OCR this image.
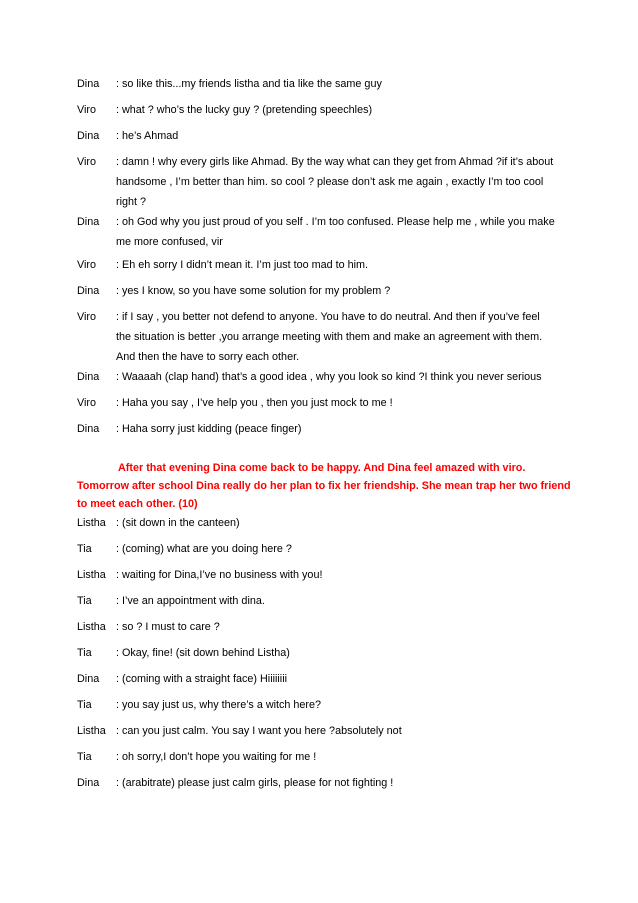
Dina : so like this...my friends listha and tia like the same guy
Viro : what ? who’s the lucky guy ? (pretending speechles)
Dina : he’s Ahmad
Viro : damn ! why every girls like Ahmad. By the way what can they get from Ahmad ?if it’s about
handsome , I’m better than him. so cool ? please don’t ask me again , exactly I’m too cool
right ?
Dina : oh God why you just proud of you self . I’m too confused. Please help me , while you make
me more confused, vir
Viro : Eh eh sorry I didn’t mean it. I’m just too mad to him.
Dina : yes I know, so you have some solution for my problem ?
Viro : if I say , you better not defend to anyone. You have to do neutral. And then if you’ve feel
the situation is better ,you arrange meeting with them and make an agreement with them.
And then the have to sorry each other.
Dina : Waaaah (clap hand) that’s a good idea , why you look so kind ?I think you never serious
Viro : Haha you say , I’ve help you , then you just mock to me !
Dina : Haha sorry just kidding (peace finger)
After that evening Dina come back to be happy. And Dina feel amazed with viro.
Tomorrow after school Dina really do her plan to fix her friendship. She mean trap her two friend
to meet each other. (10)
Listha : (sit down in the canteen)
Tia : (coming) what are you doing here ?
Listha : waiting for Dina,I’ve no business with you!
Tia : I’ve an appointment with dina.
Listha : so ? I must to care ?
Tia : Okay, fine! (sit down behind Listha)
Dina : (coming with a straight face) Hiiiiiiii
Tia : you say just us, why there’s a witch here?
Listha : can you just calm. You say I want you here ?absolutely not
Tia : oh sorry,I don’t hope you waiting for me !
Dina : (arabitrate) please just calm girls, please for not fighting !
